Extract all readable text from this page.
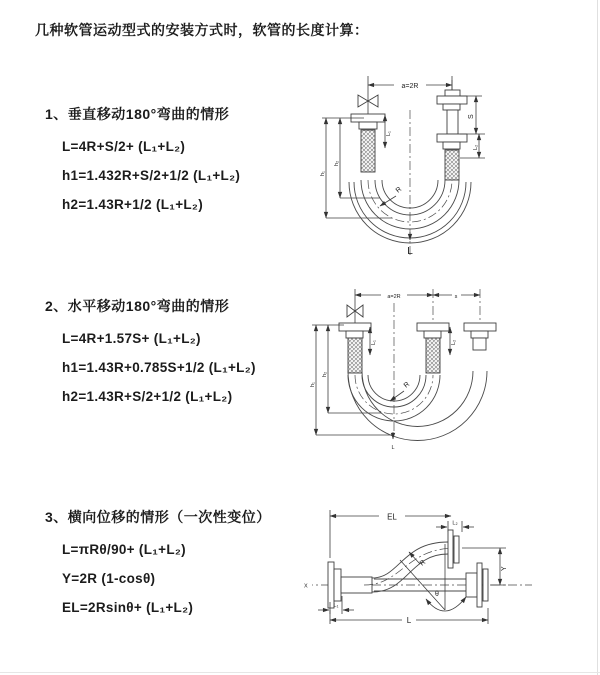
几种软管运动型式的安装方式时，软管的长度计算：
1、垂直移动180°弯曲的情形
L=4R+S/2+ (L₁+L₂)
h1=1.432R+S/2+1/2 (L₁+L₂)
h2=1.43R+1/2 (L₁+L₂)
2、水平移动180°弯曲的情形
L=4R+1.57S+ (L₁+L₂)
h1=1.43R+0.785S+1/2 (L₁+L₂)
h2=1.43R+S/2+1/2 (L₁+L₂)
3、横向位移的情形（一次性变位）
L=πRθ/90+ (L₁+L₂)
Y=2R (1-cosθ)
EL=2Rsinθ+ (L₁+L₂)
a=2R
L₁
S
L₂
h₂
h₁
R
L
a=2R	s
L₁	L₂
h₂
h₁	R
L
X
EL
L₂
Y
θ
R
L₁
L
